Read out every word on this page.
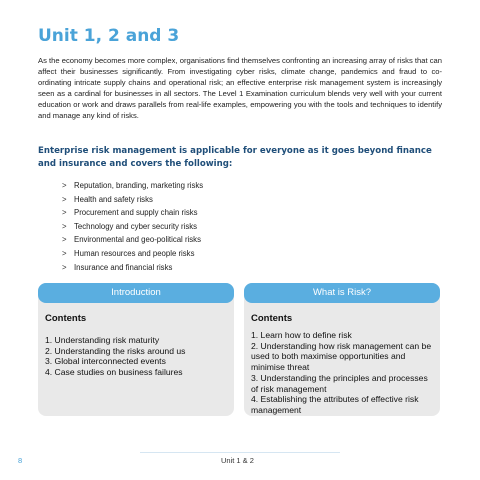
Unit 1, 2 and 3

As the economy becomes more complex, organisations find themselves confronting an increasing array of risks that can affect their businesses significantly. From investigating cyber risks, climate change, pandemics and fraud to co-ordinating intricate supply chains and operational risk; an effective enterprise risk management system is increasingly seen as a cardinal for businesses in all sectors. The Level 1 Examination curriculum blends very well with your current education or work and draws parallels from real-life examples, empowering you with the tools and techniques to identify and manage any kind of risks.

Enterprise risk management is applicable for everyone as it goes beyond finance and insurance and covers the following:

> Reputation, branding, marketing risks
> Health and safety risks
> Procurement and supply chain risks
> Technology and cyber security risks
> Environmental and geo-political risks
> Human resources and people risks
> Insurance and financial risks
Introduction
Contents
1. Understanding risk maturity
2. Understanding the risks around us
3. Global interconnected events
4. Case studies on business failures
What is Risk?
Contents
1. Learn how to define risk
2. Understanding how risk management can be used to both maximise opportunities and minimise threat
3. Understanding the principles and processes of risk management
4. Establishing the attributes of effective risk management
8	Unit 1 & 2
